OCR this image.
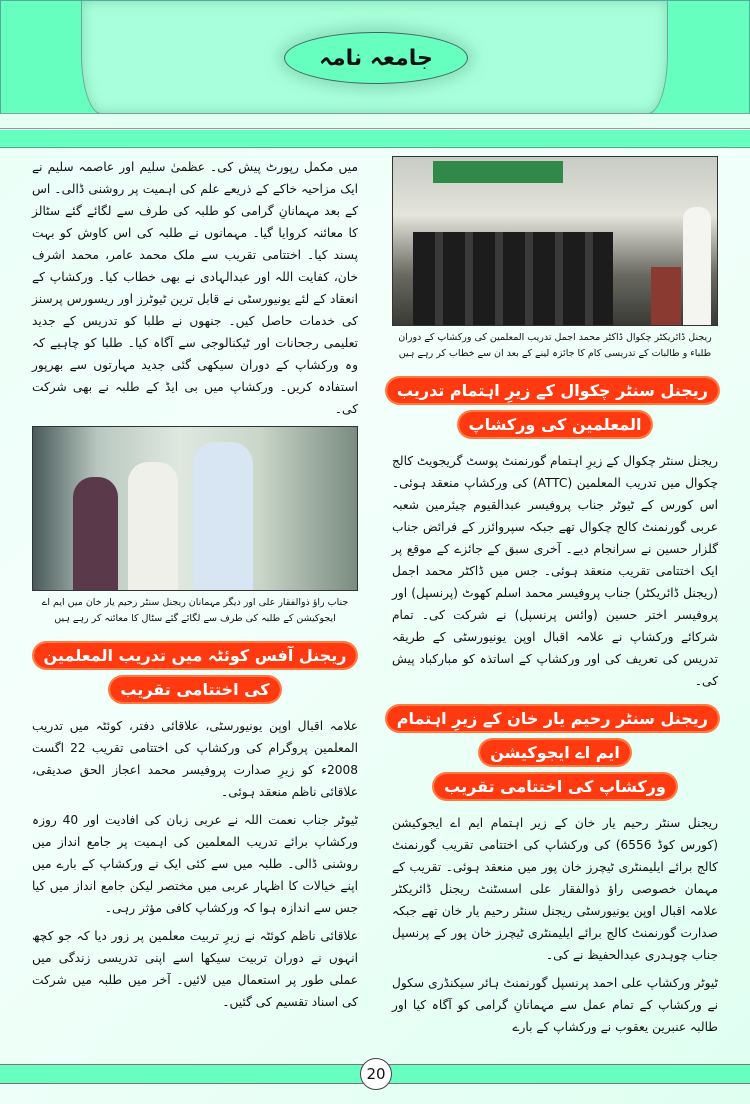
جامعہ نامہ
ریجنل ڈائریکٹر چکوال ڈاکٹر محمد اجمل تدریب المعلمین کی ورکشاپ کے دوران طلباء و طالبات کے تدریسی کام کا جائزہ لینے کے بعد ان سے خطاب کر رہے ہیں
ریجنل سنٹر چکوال کے زیرِ اہتمام تدریب المعلمین کی ورکشاپ
ریجنل سنٹر چکوال کے زیرِ اہتمام گورنمنٹ پوسٹ گریجویٹ کالج چکوال میں تدریب المعلمین (ATTC) کی ورکشاپ منعقد ہوئی۔ اس کورس کے ٹیوٹر جناب پروفیسر عبدالقیوم چیئرمین شعبہ عربی گورنمنٹ کالج چکوال تھے جبکہ سپروائزر کے فرائض جناب گلزار حسین نے سرانجام دیے۔ آخری سبق کے جائزے کے موقع پر ایک اختتامی تقریب منعقد ہوئی۔ جس میں ڈاکٹر محمد اجمل (ریجنل ڈائریکٹر) جناب پروفیسر محمد اسلم کھوٹ (پرنسپل) اور پروفیسر اختر حسین (وائس پرنسپل) نے شرکت کی۔ تمام شرکائے ورکشاپ نے علامہ اقبال اوپن یونیورسٹی کے طریقہ تدریس کی تعریف کی اور ورکشاپ کے اساتذہ کو مبارکباد پیش کی۔
ریجنل سنٹر رحیم یار خان کے زیرِ اہتمام ایم اے ایجوکیشن
ورکشاپ کی اختتامی تقریب
ریجنل سنٹر رحیم یار خان کے زیر اہتمام ایم اے ایجوکیشن (کورس کوڈ 6556) کی ورکشاپ کی اختتامی تقریب گورنمنٹ کالج برائے ایلیمنٹری ٹیچرز خان پور میں منعقد ہوئی۔ تقریب کے مہمان خصوصی راؤ ذوالفقار علی اسسٹنٹ ریجنل ڈائریکٹر علامہ اقبال اوپن یونیورسٹی ریجنل سنٹر رحیم یار خان تھے جبکہ صدارت گورنمنٹ کالج برائے ایلیمنٹری ٹیچرز خان پور کے پرنسپل جناب چوہدری عبدالحفیظ نے کی۔
ٹیوٹر ورکشاپ علی احمد پرنسپل گورنمنٹ ہائر سیکنڈری سکول نے ورکشاپ کے تمام عمل سے مہمانانِ گرامی کو آگاہ کیا اور طالبہ عنبرین یعقوب نے ورکشاپ کے بارے
میں مکمل رپورٹ پیش کی۔ عظمیٰ سلیم اور عاصمہ سلیم نے ایک مزاحیہ خاکے کے ذریعے علم کی اہمیت پر روشنی ڈالی۔ اس کے بعد مہمانانِ گرامی کو طلبہ کی طرف سے لگائے گئے سٹالز کا معائنہ کروایا گیا۔ مہمانوں نے طلبہ کی اس کاوش کو بہت پسند کیا۔ اختتامی تقریب سے ملک محمد عامر، محمد اشرف خان، کفایت اللہ اور عبدالہادی نے بھی خطاب کیا۔ ورکشاپ کے انعقاد کے لئے یونیورسٹی نے قابل ترین ٹیوٹرز اور ریسورس پرسنز کی خدمات حاصل کیں۔ جنھوں نے طلبا کو تدریس کے جدید تعلیمی رجحانات اور ٹیکنالوجی سے آگاہ کیا۔ طلبا کو چاہیے کہ وہ ورکشاپ کے دوران سیکھی گئی جدید مہارتوں سے بھرپور استفادہ کریں۔ ورکشاپ میں بی ایڈ کے طلبہ نے بھی شرکت کی۔
جناب راؤ ذوالفقار علی اور دیگر مہمانان ریجنل سنٹر رحیم یار خان میں ایم اے ایجوکیشن کے طلبہ کی طرف سے لگائے گئے سٹال کا معائنہ کر رہے ہیں
ریجنل آفس کوئٹہ میں تدریب المعلمین کی اختتامی تقریب
علامہ اقبال اوپن یونیورسٹی، علاقائی دفتر، کوئٹہ میں تدریب المعلمین پروگرام کی ورکشاپ کی اختتامی تقریب 22 اگست 2008ء کو زیرِ صدارت پروفیسر محمد اعجاز الحق صدیقی، علاقائی ناظم منعقد ہوئی۔
ٹیوٹر جناب نعمت اللہ نے عربی زبان کی افادیت اور 40 روزہ ورکشاپ برائے تدریب المعلمین کی اہمیت پر جامع انداز میں روشنی ڈالی۔ طلبہ میں سے کئی ایک نے ورکشاپ کے بارے میں اپنے خیالات کا اظہار عربی میں مختصر لیکن جامع انداز میں کیا جس سے اندازہ ہوا کہ ورکشاپ کافی مؤثر رہی۔
علاقائی ناظم کوئٹہ نے زیرِ تربیت معلمین پر زور دیا کہ جو کچھ انہوں نے دوران تربیت سیکھا اسے اپنی تدریسی زندگی میں عملی طور پر استعمال میں لائیں۔ آخر میں طلبہ میں شرکت کی اسناد تقسیم کی گئیں۔
20
